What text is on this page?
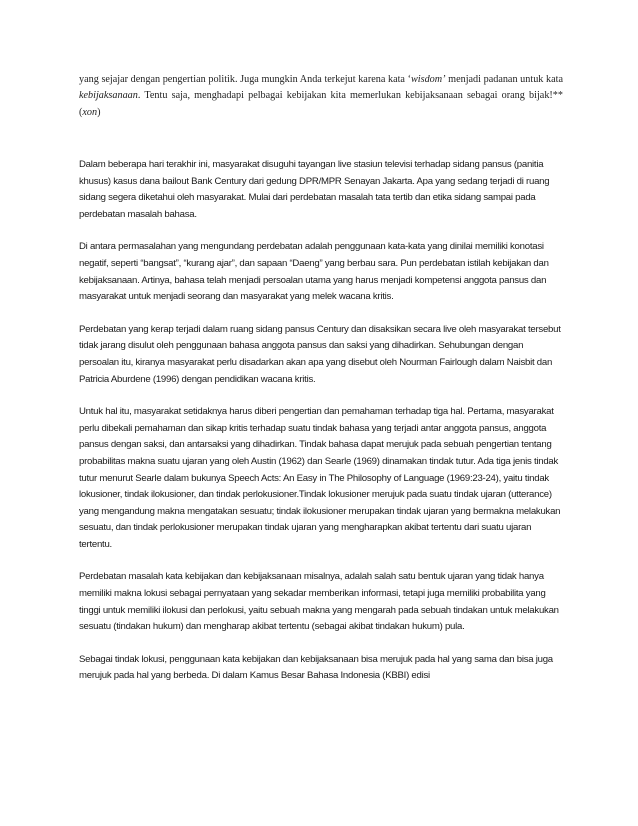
yang sejajar dengan pengertian politik. Juga mungkin Anda terkejut karena kata ‘wisdom’ menjadi padanan untuk kata kebijaksanaan. Tentu saja, menghadapi pelbagai kebijakan kita memerlukan kebijaksanaan sebagai orang bijak!**(xon)

Dalam beberapa hari terakhir ini, masyarakat disuguhi tayangan live stasiun televisi terhadap sidang pansus (panitia khusus) kasus dana bailout Bank Century dari gedung DPR/MPR Senayan Jakarta. Apa yang sedang terjadi di ruang sidang segera diketahui oleh masyarakat. Mulai dari perdebatan masalah tata tertib dan etika sidang sampai pada perdebatan masalah bahasa.

Di antara permasalahan yang mengundang perdebatan adalah penggunaan kata-kata yang dinilai memiliki konotasi negatif, seperti “bangsat”, “kurang ajar”, dan sapaan “Daeng” yang berbau sara. Pun perdebatan istilah kebijakan dan kebijaksanaan. Artinya, bahasa telah menjadi persoalan utama yang harus menjadi kompetensi anggota pansus dan masyarakat untuk menjadi seorang dan masyarakat yang melek wacana kritis.

Perdebatan yang kerap terjadi dalam ruang sidang pansus Century dan disaksikan secara live oleh masyarakat tersebut tidak jarang disulut oleh penggunaan bahasa anggota pansus dan saksi yang dihadirkan. Sehubungan dengan persoalan itu, kiranya masyarakat perlu disadarkan akan apa yang disebut oleh Nourman Fairlough dalam Naisbit dan Patricia Aburdene (1996) dengan pendidikan wacana kritis.

Untuk hal itu, masyarakat setidaknya harus diberi pengertian dan pemahaman terhadap tiga hal. Pertama, masyarakat perlu dibekali pemahaman dan sikap kritis terhadap suatu tindak bahasa yang terjadi antar anggota pansus, anggota pansus dengan saksi, dan antarsaksi yang dihadirkan. Tindak bahasa dapat merujuk pada sebuah pengertian tentang probabilitas makna suatu ujaran yang oleh Austin (1962) dan Searle (1969) dinamakan tindak tutur. Ada tiga jenis tindak tutur menurut Searle dalam bukunya Speech Acts: An Easy in The Philosophy of Language (1969:23-24), yaitu tindak lokusioner, tindak ilokusioner, dan tindak perlokusioner.Tindak lokusioner merujuk pada suatu tindak ujaran (utterance) yang mengandung makna mengatakan sesuatu; tindak ilokusioner merupakan tindak ujaran yang bermakna melakukan sesuatu, dan tindak perlokusioner merupakan tindak ujaran yang mengharapkan akibat tertentu dari suatu ujaran tertentu.

Perdebatan masalah kata kebijakan dan kebijaksanaan misalnya, adalah salah satu bentuk ujaran yang tidak hanya memiliki makna lokusi sebagai pernyataan yang sekadar memberikan informasi, tetapi juga memiliki probabilita yang tinggi untuk memiliki ilokusi dan perlokusi, yaitu sebuah makna yang mengarah pada sebuah tindakan untuk melakukan sesuatu (tindakan hukum) dan mengharap akibat tertentu (sebagai akibat tindakan hukum) pula.

Sebagai tindak lokusi, penggunaan kata kebijakan dan kebijaksanaan bisa merujuk pada hal yang sama dan bisa juga merujuk pada hal yang berbeda. Di dalam Kamus Besar Bahasa Indonesia (KBBI) edisi
